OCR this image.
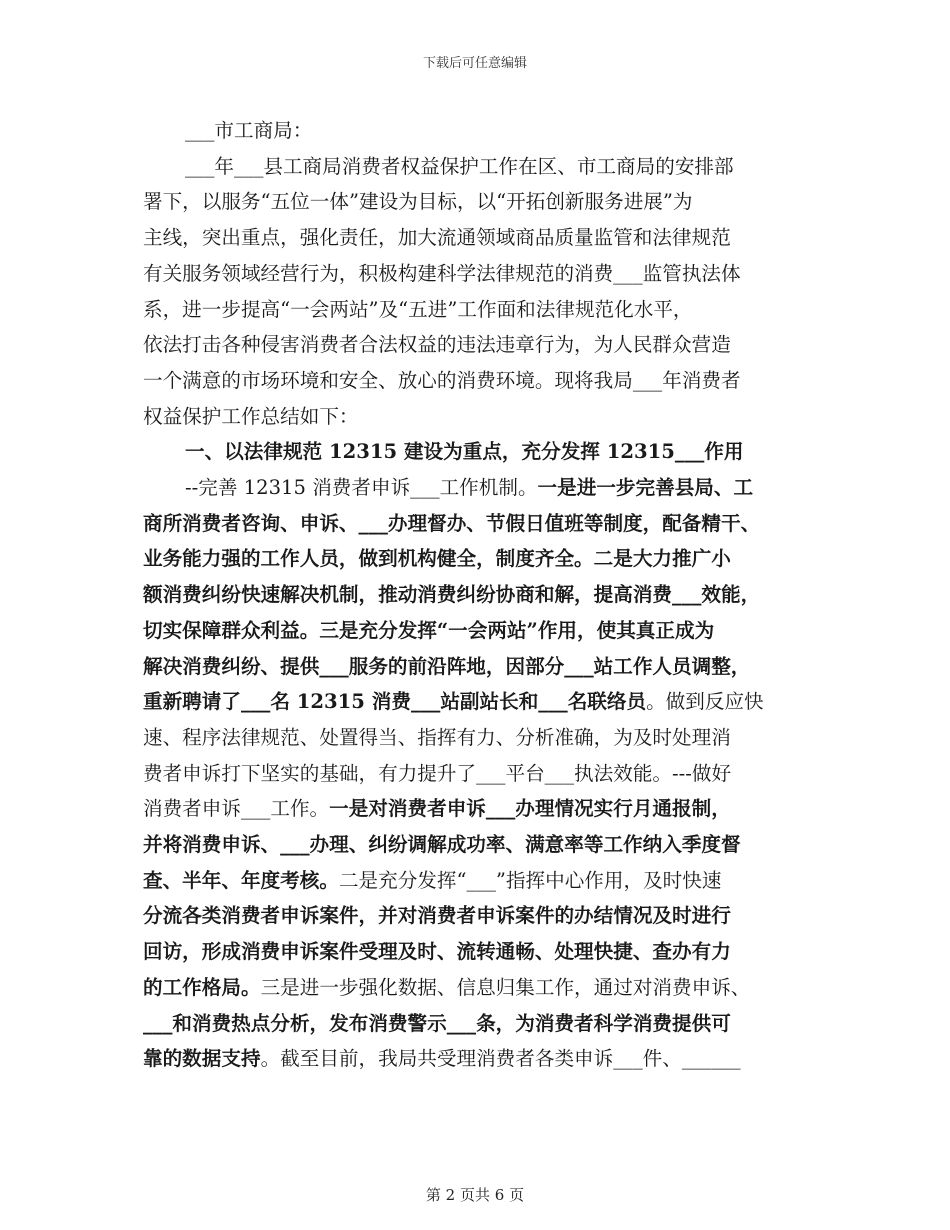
下载后可任意编辑
___市工商局：
___年___县工商局消费者权益保护工作在区、市工商局的安排部
署下，以服务“五位一体”建设为目标，以“开拓创新服务进展”为
主线，突出重点，强化责任，加大流通领域商品质量监管和法律规范
有关服务领域经营行为，积极构建科学法律规范的消费___监管执法体
系，进一步提高“一会两站”及“五进”工作面和法律规范化水平，
依法打击各种侵害消费者合法权益的违法违章行为，为人民群众营造
一个满意的市场环境和安全、放心的消费环境。现将我局___年消费者
权益保护工作总结如下：
一、以法律规范 12315 建设为重点，充分发挥 12315___作用
--完善 12315 消费者申诉___工作机制。一是进一步完善县局、工
商所消费者咨询、申诉、___办理督办、节假日值班等制度，配备精干、
业务能力强的工作人员，做到机构健全，制度齐全。二是大力推广小
额消费纠纷快速解决机制，推动消费纠纷协商和解，提高消费___效能，
切实保障群众利益。三是充分发挥“一会两站”作用，使其真正成为
解决消费纠纷、提供___服务的前沿阵地，因部分___站工作人员调整，
重新聘请了___名 12315 消费___站副站长和___名联络员。做到反应快
速、程序法律规范、处置得当、指挥有力、分析准确，为及时处理消
费者申诉打下坚实的基础，有力提升了___平台___执法效能。---做好
消费者申诉___工作。一是对消费者申诉___办理情况实行月通报制，
并将消费申诉、___办理、纠纷调解成功率、满意率等工作纳入季度督
查、半年、年度考核。二是充分发挥“___”指挥中心作用，及时快速
分流各类消费者申诉案件，并对消费者申诉案件的办结情况及时进行
回访，形成消费申诉案件受理及时、流转通畅、处理快捷、查办有力
的工作格局。三是进一步强化数据、信息归集工作，通过对消费申诉、
___和消费热点分析，发布消费警示___条，为消费者科学消费提供可
靠的数据支持。截至目前，我局共受理消费者各类申诉___件、______
第 2 页共 6 页
